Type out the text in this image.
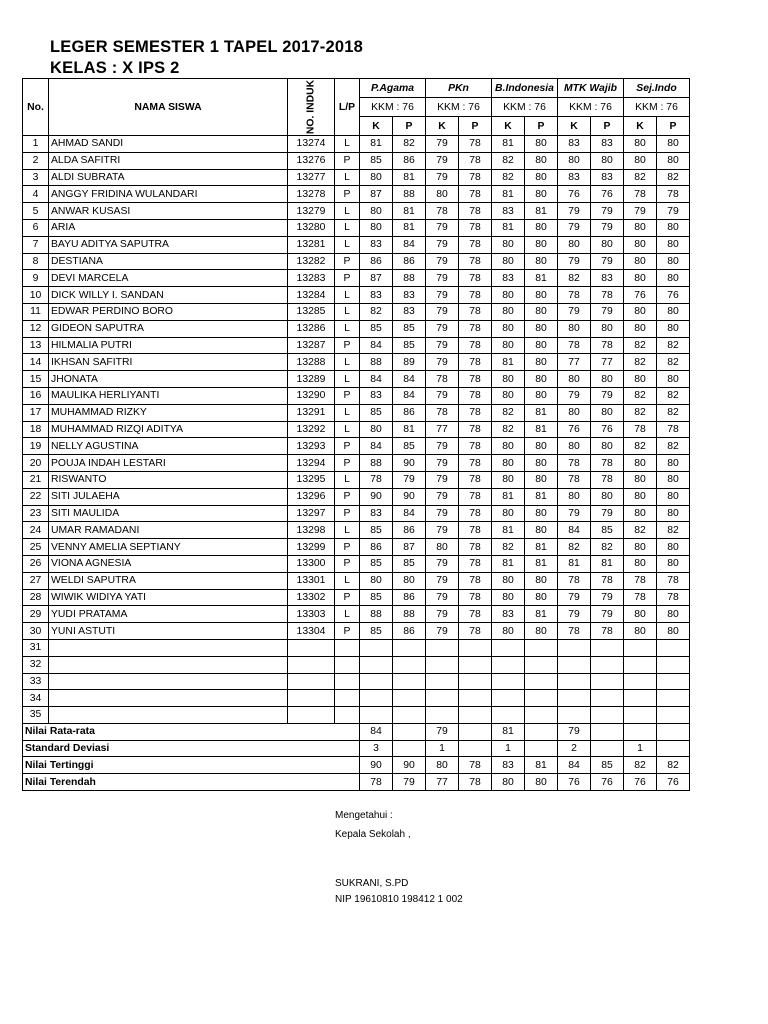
LEGER SEMESTER 1 TAPEL 2017-2018
KELAS : X IPS 2
No.	NAMA SISWA	NO. INDUK	L/P	P.Agama		PKn		B.Indonesia		MTK Wajib		Sej.Indo	
				KKM : 76		KKM : 76		KKM : 76		KKM : 76		KKM : 76	
				K	P	K	P	K	P	K	P	K	P
1	AHMAD SANDI	13274	L	81	82	79	78	81	80	83	83	80	80
2	ALDA SAFITRI	13276	P	85	86	79	78	82	80	80	80	80	80
3	ALDI SUBRATA	13277	L	80	81	79	78	82	80	83	83	82	82
4	ANGGY FRIDINA WULANDARI	13278	P	87	88	80	78	81	80	76	76	78	78
5	ANWAR KUSASI	13279	L	80	81	78	78	83	81	79	79	79	79
6	ARIA	13280	L	80	81	79	78	81	80	79	79	80	80
7	BAYU ADITYA SAPUTRA	13281	L	83	84	79	78	80	80	80	80	80	80
8	DESTIANA	13282	P	86	86	79	78	80	80	79	79	80	80
9	DEVI MARCELA	13283	P	87	88	79	78	83	81	82	83	80	80
10	DICK WILLY I. SANDAN	13284	L	83	83	79	78	80	80	78	78	76	76
11	EDWAR PERDINO BORO	13285	L	82	83	79	78	80	80	79	79	80	80
12	GIDEON SAPUTRA	13286	L	85	85	79	78	80	80	80	80	80	80
13	HILMALIA PUTRI	13287	P	84	85	79	78	80	80	78	78	82	82
14	IKHSAN SAFITRI	13288	L	88	89	79	78	81	80	77	77	82	82
15	JHONATA	13289	L	84	84	78	78	80	80	80	80	80	80
16	MAULIKA HERLIYANTI	13290	P	83	84	79	78	80	80	79	79	82	82
17	MUHAMMAD RIZKY	13291	L	85	86	78	78	82	81	80	80	82	82
18	MUHAMMAD RIZQI ADITYA	13292	L	80	81	77	78	82	81	76	76	78	78
19	NELLY AGUSTINA	13293	P	84	85	79	78	80	80	80	80	82	82
20	POUJA INDAH LESTARI	13294	P	88	90	79	78	80	80	78	78	80	80
21	RISWANTO	13295	L	78	79	79	78	80	80	78	78	80	80
22	SITI JULAEHA	13296	P	90	90	79	78	81	81	80	80	80	80
23	SITI MAULIDA	13297	P	83	84	79	78	80	80	79	79	80	80
24	UMAR RAMADANI	13298	L	85	86	79	78	81	80	84	85	82	82
25	VENNY AMELIA SEPTIANY	13299	P	86	87	80	78	82	81	82	82	80	80
26	VIONA AGNESIA	13300	P	85	85	79	78	81	81	81	81	80	80
27	WELDI SAPUTRA	13301	L	80	80	79	78	80	80	78	78	78	78
28	WIWIK WIDIYA YATI	13302	P	85	86	79	78	80	80	79	79	78	78
29	YUDI PRATAMA	13303	L	88	88	79	78	83	81	79	79	80	80
30	YUNI ASTUTI	13304	P	85	86	79	78	80	80	78	78	80	80
31													
32													
33													
34													
35													
Nilai Rata-rata				84		79		81		79			
Standard Deviasi				3		1		1		2		1	
Nilai Tertinggi				90	90	80	78	83	81	84	85	82	82
Nilai Terendah				78	79	77	78	80	80	76	76	76	76
Mengetahui :
Kepala Sekolah ,
SUKRANI, S.PD
NIP 19610810 198412 1 002
